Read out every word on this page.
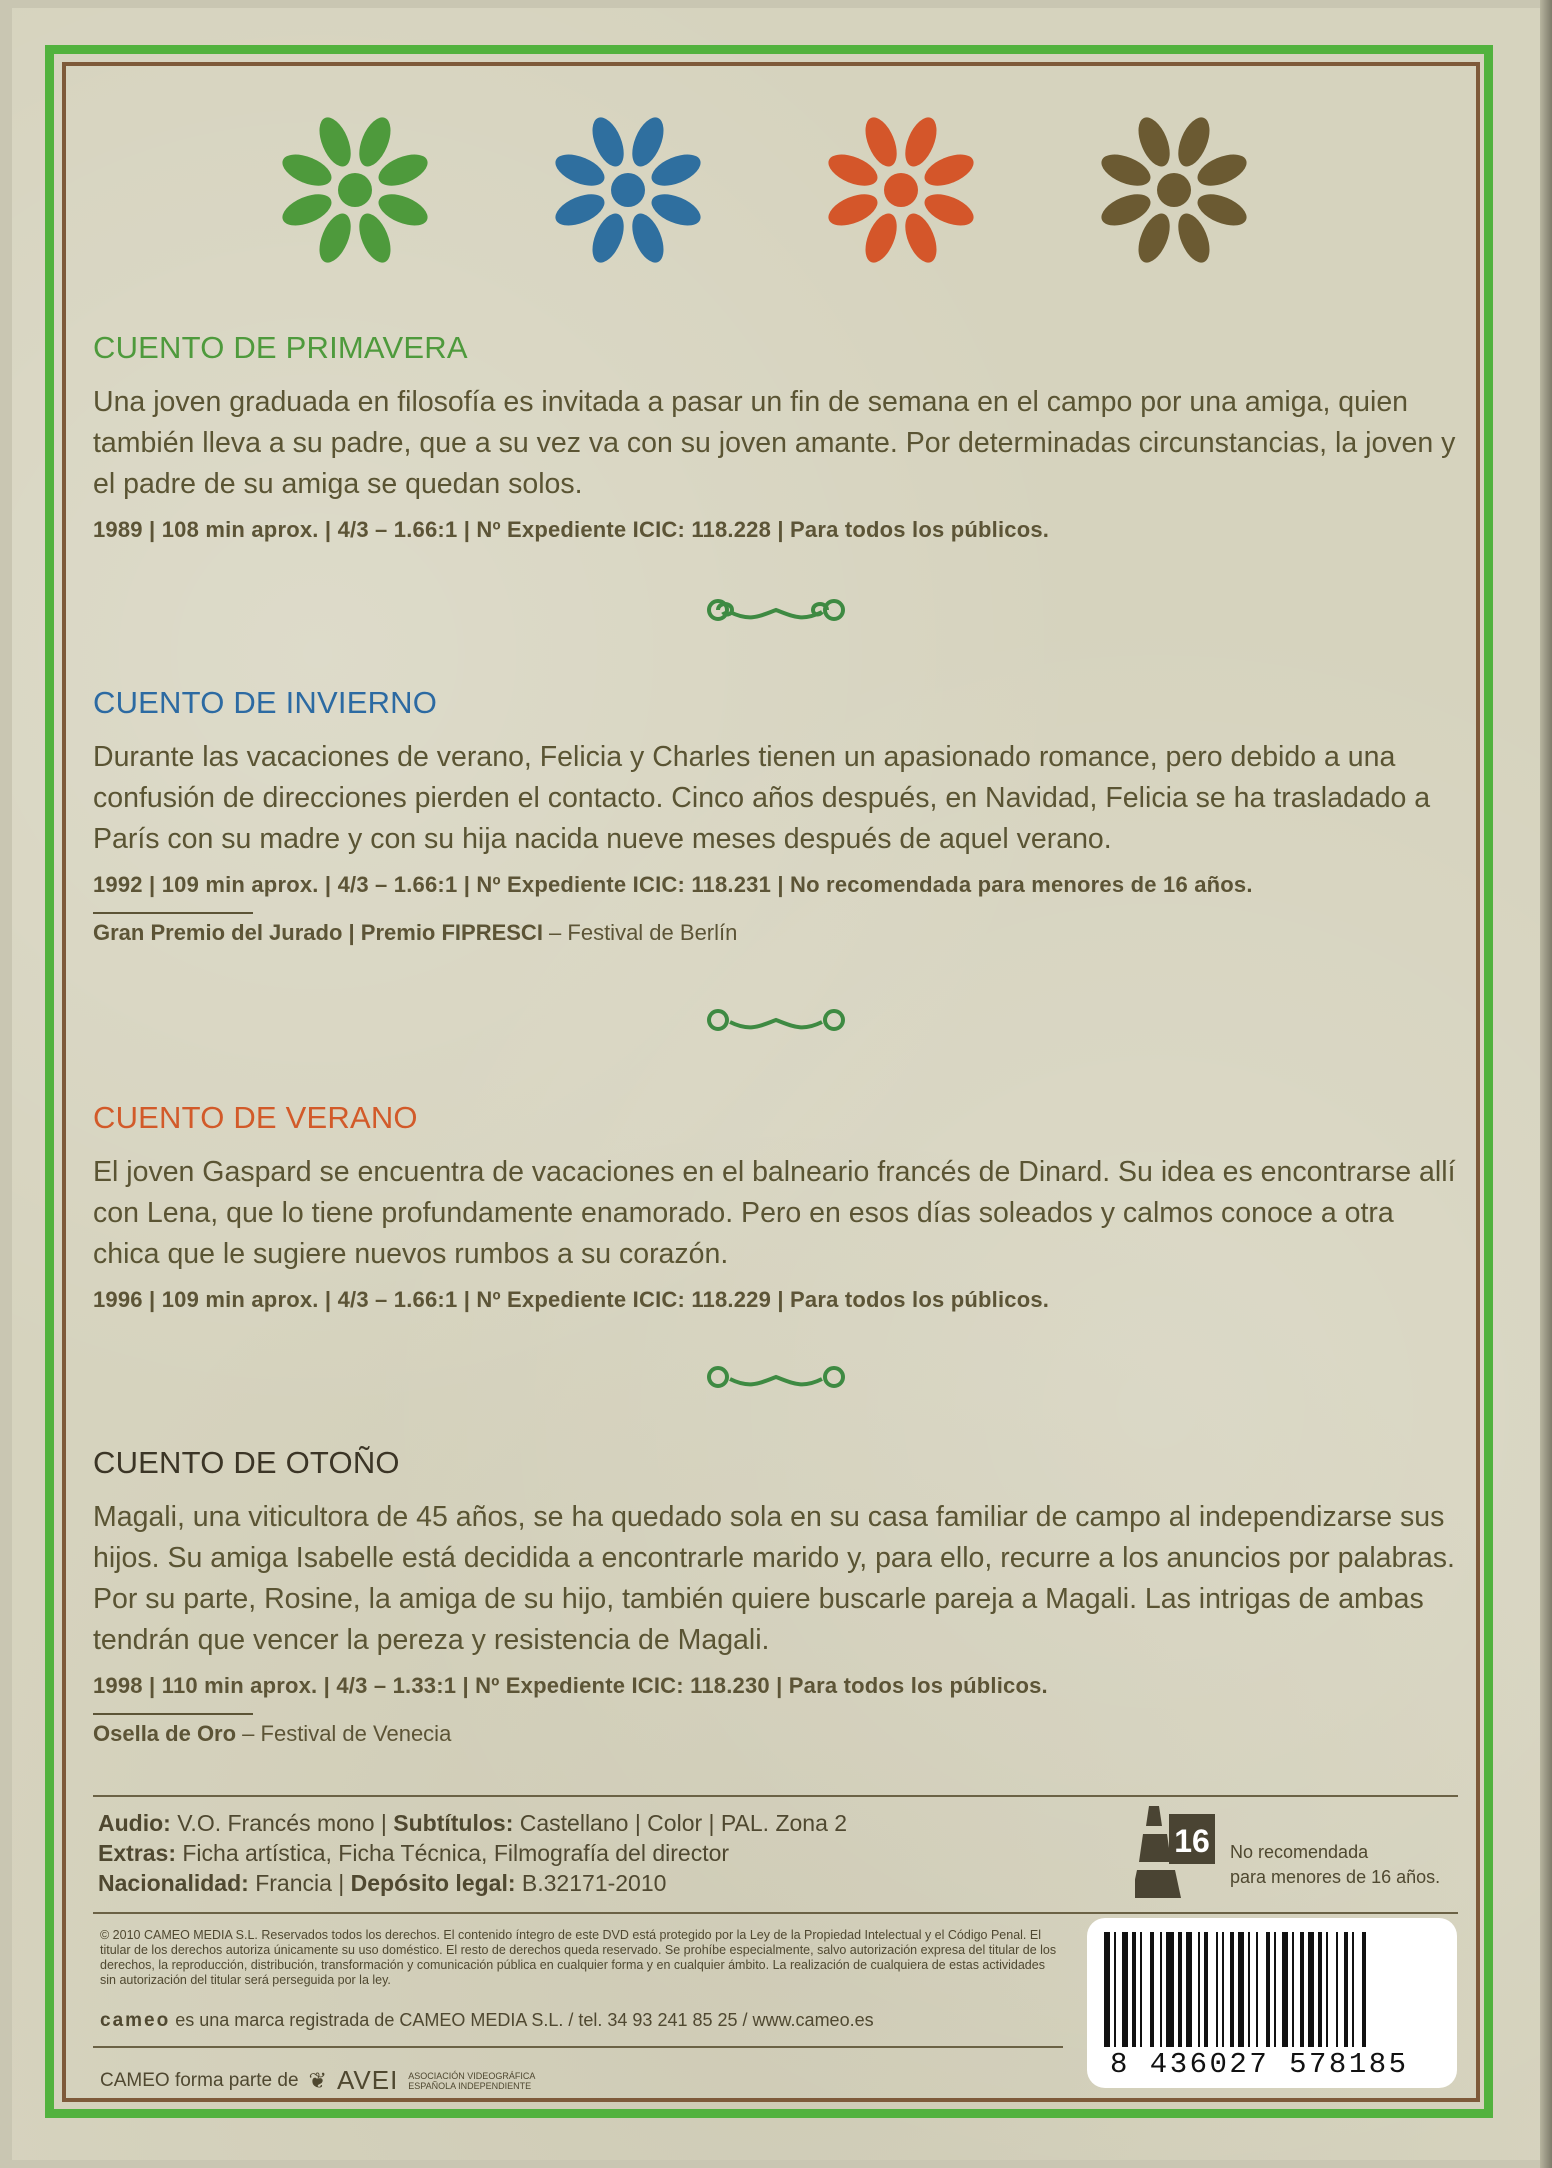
CUENTO DE PRIMAVERA

Una joven graduada en filosofía es invitada a pasar un fin de semana en el campo por una amiga, quien también lleva a su padre, que a su vez va con su joven amante. Por determinadas circunstancias, la joven y el padre de su amiga se quedan solos.

1989 | 108 min aprox. | 4/3 – 1.66:1 | Nº Expediente ICIC: 118.228 | Para todos los públicos.
CUENTO DE INVIERNO

Durante las vacaciones de verano, Felicia y Charles tienen un apasionado romance, pero debido a una confusión de direcciones pierden el contacto. Cinco años después, en Navidad, Felicia se ha trasladado a París con su madre y con su hija nacida nueve meses después de aquel verano.

1992 | 109 min aprox. | 4/3 – 1.66:1 | Nº Expediente ICIC: 118.231 | No recomendada para menores de 16 años.
Gran Premio del Jurado | Premio FIPRESCI – Festival de Berlín
CUENTO DE VERANO

El joven Gaspard se encuentra de vacaciones en el balneario francés de Dinard. Su idea es encontrarse allí con Lena, que lo tiene profundamente enamorado. Pero en esos días soleados y calmos conoce a otra chica que le sugiere nuevos rumbos a su corazón.

1996 | 109 min aprox. | 4/3 – 1.66:1 | Nº Expediente ICIC: 118.229 | Para todos los públicos.
CUENTO DE OTOÑO

Magali, una viticultora de 45 años, se ha quedado sola en su casa familiar de campo al independizarse sus hijos. Su amiga Isabelle está decidida a encontrarle marido y, para ello, recurre a los anuncios por palabras. Por su parte, Rosine, la amiga de su hijo, también quiere buscarle pareja a Magali. Las intrigas de ambas tendrán que vencer la pereza y resistencia de Magali.

1998 | 110 min aprox. | 4/3 – 1.33:1 | Nº Expediente ICIC: 118.230 | Para todos los públicos.
Osella de Oro – Festival de Venecia
Audio: V.O. Francés mono | Subtítulos: Castellano | Color | PAL. Zona 2
Extras: Ficha artística, Ficha Técnica, Filmografía del director
Nacionalidad: Francia | Depósito legal: B.32171-2010
16 No recomendada
para menores de 16 años.
© 2010 CAMEO MEDIA S.L. Reservados todos los derechos. El contenido íntegro de este DVD está protegido por la Ley de la Propiedad Intelectual y el Código Penal. El titular de los derechos autoriza únicamente su uso doméstico. El resto de derechos queda reservado. Se prohíbe especialmente, salvo autorización expresa del titular de los derechos, la reproducción, distribución, transformación y comunicación pública en cualquier forma y en cualquier ámbito. La realización de cualquiera de estas actividades sin autorización del titular será perseguida por la ley.
cameo es una marca registrada de CAMEO MEDIA S.L. / tel. 34 93 241 85 25 / www.cameo.es
CAMEO forma parte de ❦ AVEI ASOCIACIÓN VIDEOGRÁFICA
ESPAÑOLA INDEPENDIENTE
8 436027 578185
